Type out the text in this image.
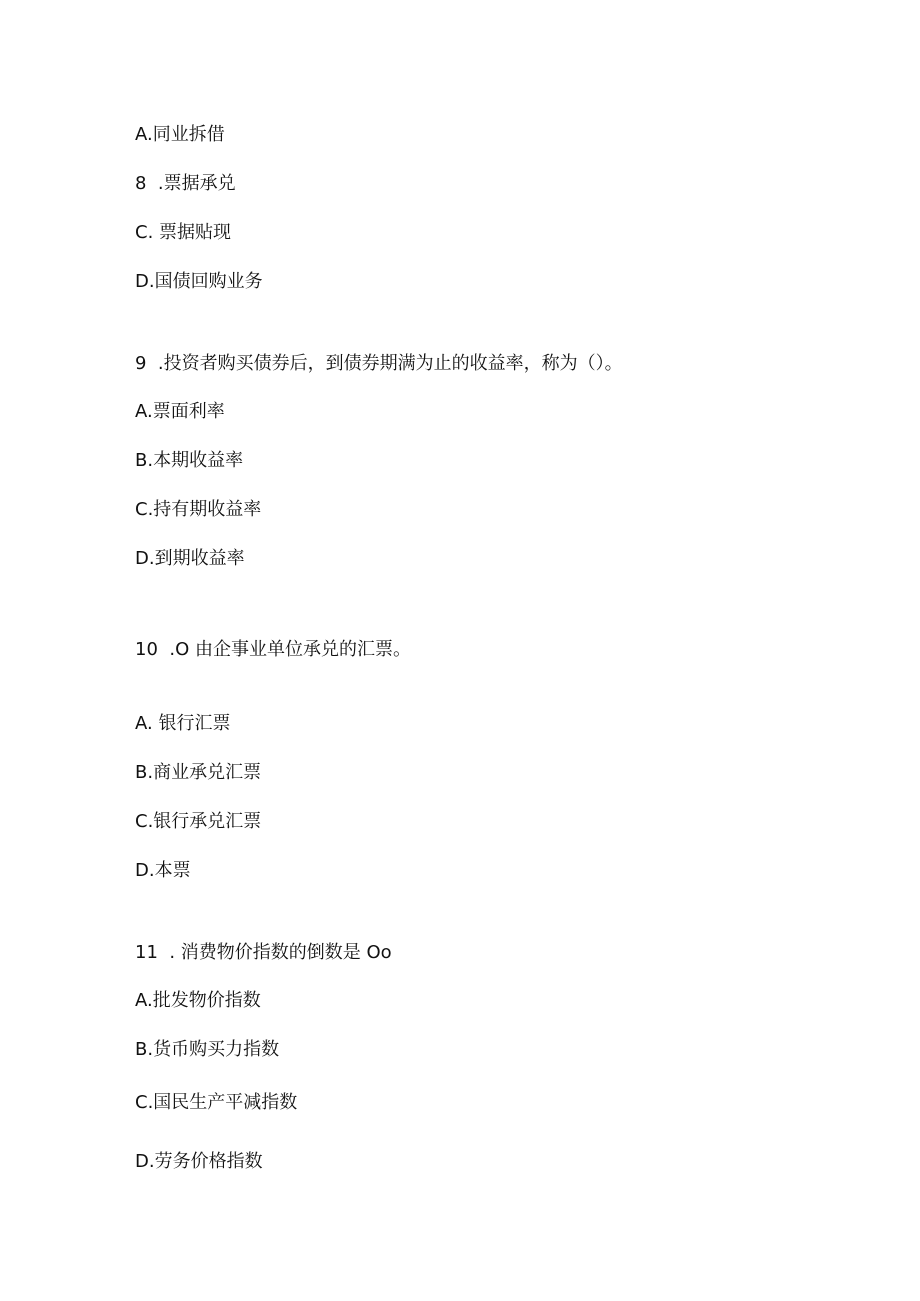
A.同业拆借

8  .票据承兑

C. 票据贴现

D.国债回购业务

9  .投资者购买债券后，到债券期满为止的收益率，称为（）。

A.票面利率

B.本期收益率

C.持有期收益率

D.到期收益率

10  .O 由企事业单位承兑的汇票。

A. 银行汇票

B.商业承兑汇票

C.银行承兑汇票

D.本票

11  . 消费物价指数的倒数是 Oo

A.批发物价指数

B.货币购买力指数

C.国民生产平减指数

D.劳务价格指数
